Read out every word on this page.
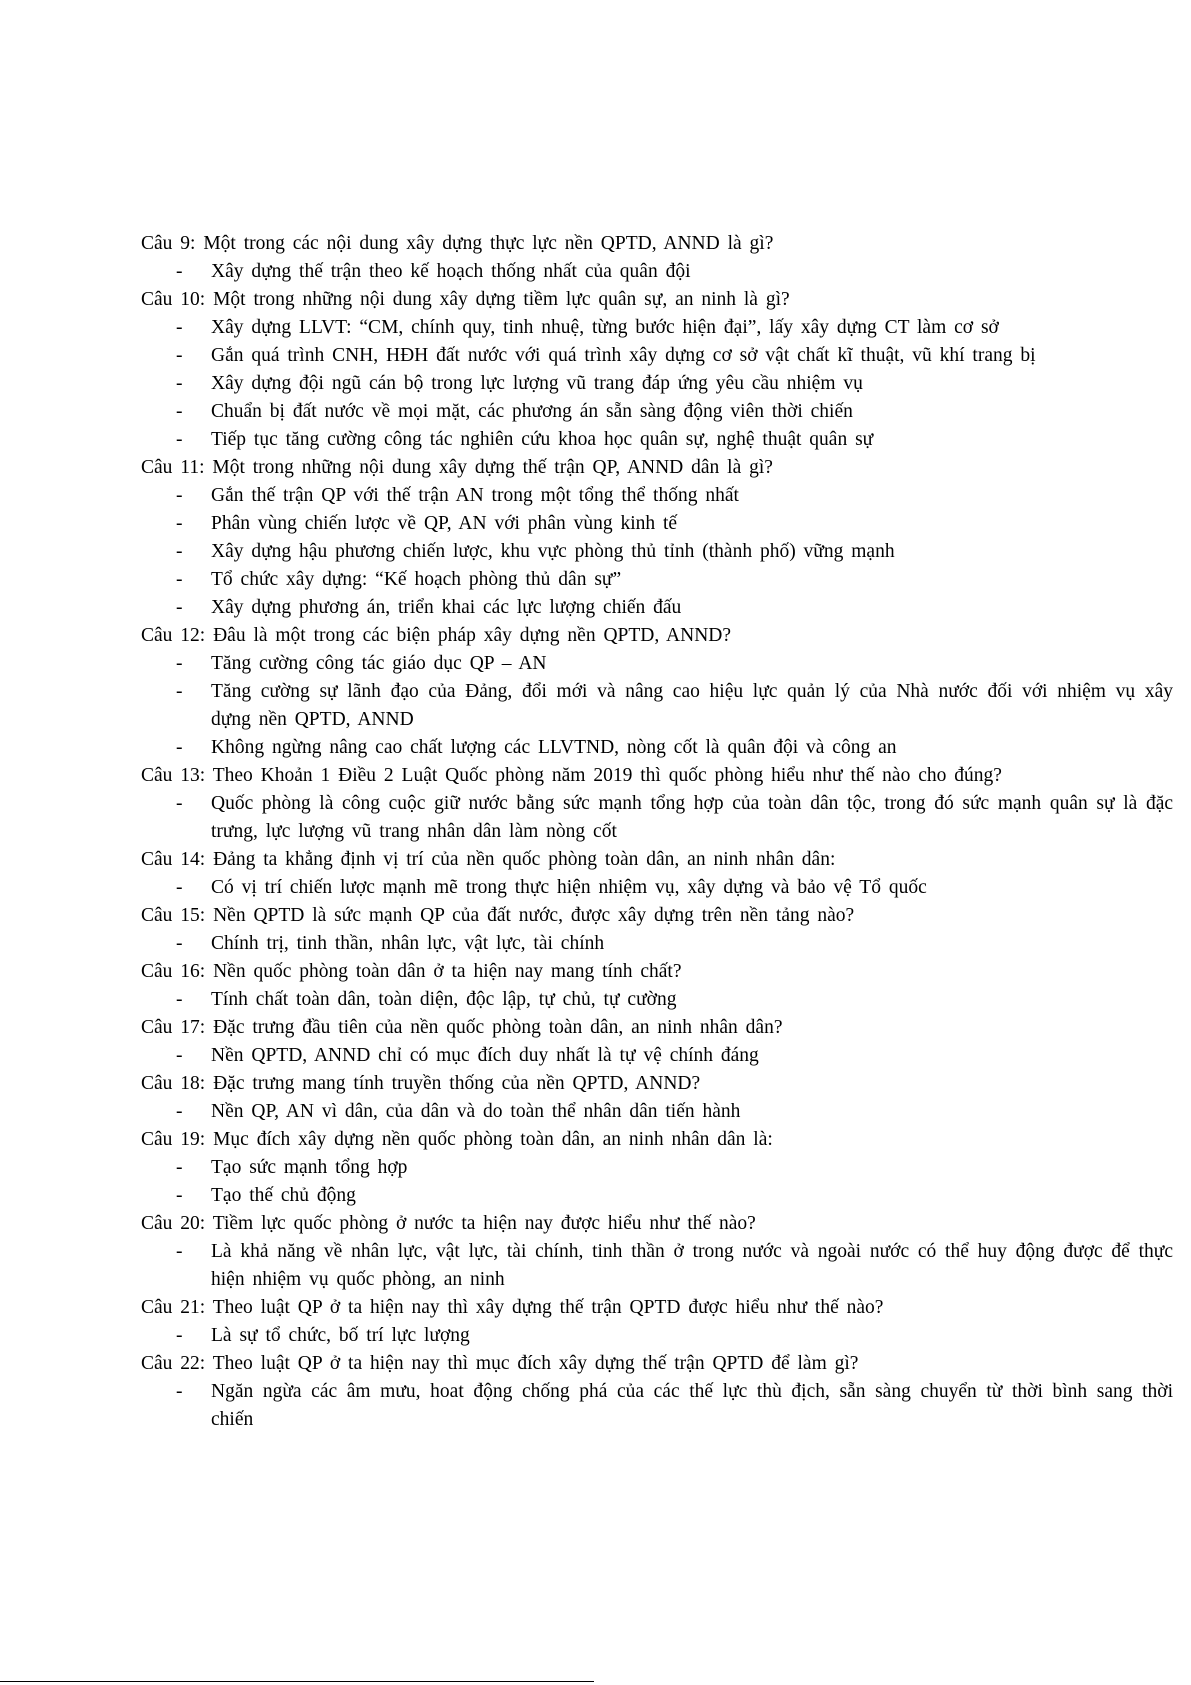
Câu 9: Một trong các nội dung xây dựng thực lực nền QPTD, ANND là gì?

- Xây dựng thế trận theo kế hoạch thống nhất của quân đội

Câu 10: Một trong những nội dung xây dựng tiềm lực quân sự, an ninh là gì?

- Xây dựng LLVT: “CM, chính quy, tinh nhuệ, từng bước hiện đại”, lấy xây dựng CT làm cơ sở
- Gắn quá trình CNH, HĐH đất nước với quá trình xây dựng cơ sở vật chất kĩ thuật, vũ khí trang bị
- Xây dựng đội ngũ cán bộ trong lực lượng vũ trang đáp ứng yêu cầu nhiệm vụ
- Chuẩn bị đất nước về mọi mặt, các phương án sẵn sàng động viên thời chiến
- Tiếp tục tăng cường công tác nghiên cứu khoa học quân sự, nghệ thuật quân sự

Câu 11: Một trong những nội dung xây dựng thế trận QP, ANND dân là gì?

- Gắn thế trận QP với thế trận AN trong một tổng thể thống nhất
- Phân vùng chiến lược về QP, AN với phân vùng kinh tế
- Xây dựng hậu phương chiến lược, khu vực phòng thủ tỉnh (thành phố) vững mạnh
- Tổ chức xây dựng: “Kế hoạch phòng thủ dân sự”
- Xây dựng phương án, triển khai các lực lượng chiến đấu

Câu 12: Đâu là một trong các biện pháp xây dựng nền QPTD, ANND?

- Tăng cường công tác giáo dục QP – AN
- Tăng cường sự lãnh đạo của Đảng, đổi mới và nâng cao hiệu lực quản lý của Nhà nước đối với nhiệm vụ xây dựng nền QPTD, ANND
- Không ngừng nâng cao chất lượng các LLVTND, nòng cốt là quân đội và công an

Câu 13: Theo Khoản 1 Điều 2 Luật Quốc phòng năm 2019 thì quốc phòng hiểu như thế nào cho đúng?

- Quốc phòng là công cuộc giữ nước bằng sức mạnh tổng hợp của toàn dân tộc, trong đó sức mạnh quân sự là đặc trưng, lực lượng vũ trang nhân dân làm nòng cốt

Câu 14: Đảng ta khẳng định vị trí của nền quốc phòng toàn dân, an ninh nhân dân:

- Có vị trí chiến lược mạnh mẽ trong thực hiện nhiệm vụ, xây dựng và bảo vệ Tổ quốc

Câu 15: Nền QPTD là sức mạnh QP của đất nước, được xây dựng trên nền tảng nào?

- Chính trị, tinh thần, nhân lực, vật lực, tài chính

Câu 16: Nền quốc phòng toàn dân ở ta hiện nay mang tính chất?

- Tính chất toàn dân, toàn diện, độc lập, tự chủ, tự cường

Câu 17: Đặc trưng đầu tiên của nền quốc phòng toàn dân, an ninh nhân dân?

- Nền QPTD, ANND chỉ có mục đích duy nhất là tự vệ chính đáng

Câu 18: Đặc trưng mang tính truyền thống của nền QPTD, ANND?

- Nền QP, AN vì dân, của dân và do toàn thể nhân dân tiến hành

Câu 19: Mục đích xây dựng nền quốc phòng toàn dân, an ninh nhân dân là:

- Tạo sức mạnh tổng hợp
- Tạo thế chủ động

Câu 20: Tiềm lực quốc phòng ở nước ta hiện nay được hiểu như thế nào?

- Là khả năng về nhân lực, vật lực, tài chính, tinh thần ở trong nước và ngoài nước có thể huy động được để thực hiện nhiệm vụ quốc phòng, an ninh

Câu 21: Theo luật QP ở ta hiện nay thì xây dựng thế trận QPTD được hiểu như thế nào?

- Là sự tổ chức, bố trí lực lượng

Câu 22: Theo luật QP ở ta hiện nay thì mục đích xây dựng thế trận QPTD để làm gì?

- Ngăn ngừa các âm mưu, hoat động chống phá của các thế lực thù địch, sẵn sàng chuyển từ thời bình sang thời chiến
